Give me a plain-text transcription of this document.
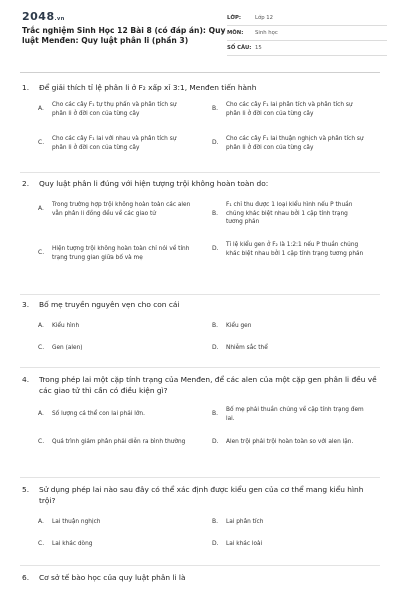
2048.vn
Trắc nghiệm Sinh Học 12 Bài 8 (có đáp án): Quy luật Menđen: Quy luật phân li (phần 3)
LỚP:	Lớp 12
MÔN:	Sinh học
SỐ CÂU: 15
1.	Để giải thích tỉ lệ phân li ở F₂ xấp xỉ 3:1, Menđen tiến hành
A.
Cho các cây F₁ tự thụ phấn và phân tích sự phân li ở đời con của từng cây
B.
Cho các cây F₁ lai phân tích và phân tích sự phân li ở đời con của từng cây
C.
Cho các cây F₁ lai với nhau và phân tích sự phân li ở đời con của từng cây
D.
Cho các cây F₁ lai thuận nghịch và phân tích sự phân li ở đời con của từng cây
2.	Quy luật phân li đúng với hiện tượng trội không hoàn toàn do:
A.
Trong trường hợp trội không hoàn toàn các alen vẫn phân li đồng đều về các giao tử	B.
F₁ chỉ thu được 1 loại kiểu hình nếu P thuần chủng khác biệt nhau bởi 1 cặp tính trạng tương phản
C.
Hiện tượng trội không hoàn toàn chỉ nói về tính trạng trung gian giữa bố và mẹ
D.
Tỉ lệ kiểu gen ở F₂ là 1:2:1 nếu P thuần chủng khác biệt nhau bởi 1 cặp tính trạng tương phản
3.	Bố mẹ truyền nguyên vẹn cho con cái
A.	Kiểu hình	B.	Kiểu gen
C.	Gen (alen)	D.	Nhiễm sắc thể
4.	Trong phép lai một cặp tính trạng của Menđen, để các alen của một cặp gen phân li đều về các giao tử thì cần có điều kiện gì?
A.	Số lượng cá thể con lai phải lớn.	B.
Bố mẹ phải thuần chủng về cặp tính trạng đem lai.
C.	Quá trình giảm phân phải diễn ra bình thường	D.	Alen trội phải trội hoàn toàn so với alen lặn.
5.	Sử dụng phép lai nào sau đây có thể xác định được kiểu gen của cơ thể mang kiểu hình trội?
A.	Lai thuận nghịch	B.	Lai phân tích
C.	Lai khác dòng	D.	Lai khác loài
6.	Cơ sở tế bào học của quy luật phân li là
